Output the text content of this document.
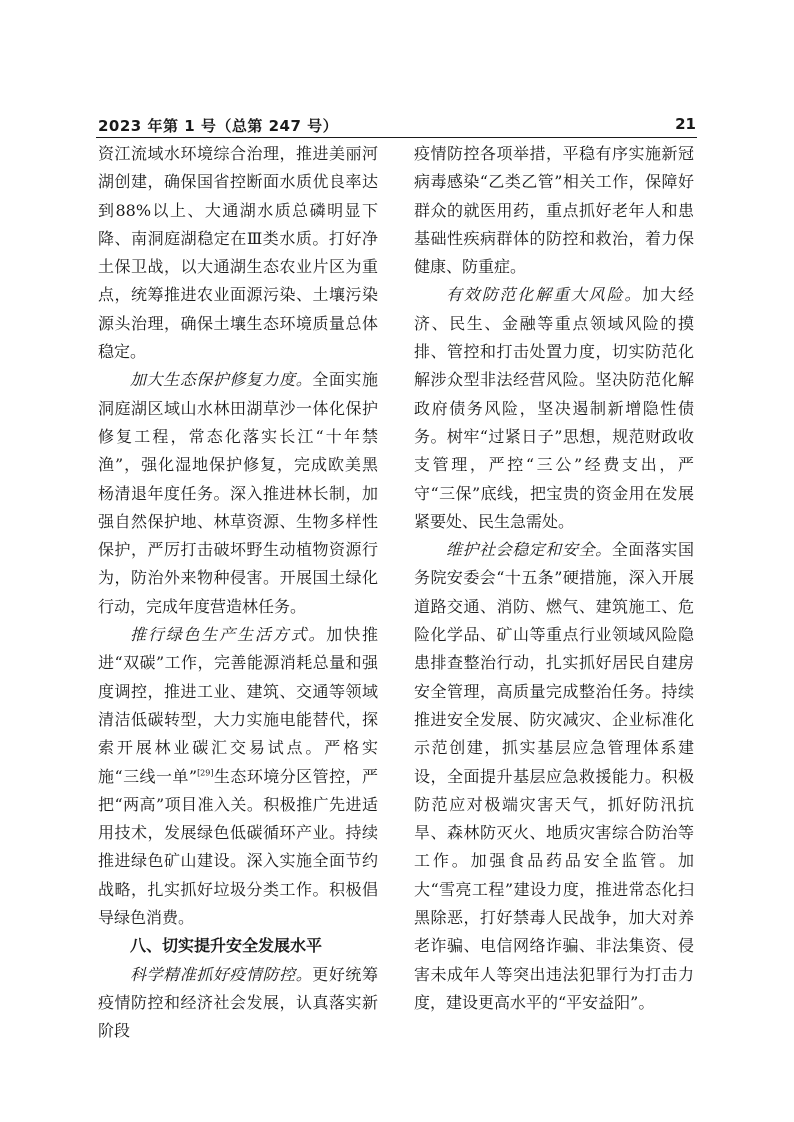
2023 年第 1 号（总第 247 号）	21

资江流域水环境综合治理，推进美丽河湖创建，确保国省控断面水质优良率达到88%以上、大通湖水质总磷明显下降、南洞庭湖稳定在Ⅲ类水质。打好净土保卫战，以大通湖生态农业片区为重点，统筹推进农业面源污染、土壤污染源头治理，确保土壤生态环境质量总体稳定。

加大生态保护修复力度。全面实施洞庭湖区域山水林田湖草沙一体化保护修复工程，常态化落实长江“十年禁渔”，强化湿地保护修复，完成欧美黑杨清退年度任务。深入推进林长制，加强自然保护地、林草资源、生物多样性保护，严厉打击破坏野生动植物资源行为，防治外来物种侵害。开展国土绿化行动，完成年度营造林任务。

推行绿色生产生活方式。加快推进“双碳”工作，完善能源消耗总量和强度调控，推进工业、建筑、交通等领域清洁低碳转型，大力实施电能替代，探索开展林业碳汇交易试点。严格实施“三线一单”[29]生态环境分区管控，严把“两高”项目准入关。积极推广先进适用技术，发展绿色低碳循环产业。持续推进绿色矿山建设。深入实施全面节约战略，扎实抓好垃圾分类工作。积极倡导绿色消费。

八、切实提升安全发展水平

科学精准抓好疫情防控。更好统筹疫情防控和经济社会发展，认真落实新阶段

疫情防控各项举措，平稳有序实施新冠病毒感染“乙类乙管”相关工作，保障好群众的就医用药，重点抓好老年人和患基础性疾病群体的防控和救治，着力保健康、防重症。

有效防范化解重大风险。加大经济、民生、金融等重点领域风险的摸排、管控和打击处置力度，切实防范化解涉众型非法经营风险。坚决防范化解政府债务风险，坚决遏制新增隐性债务。树牢“过紧日子”思想，规范财政收支管理，严控“三公”经费支出，严守“三保”底线，把宝贵的资金用在发展紧要处、民生急需处。

维护社会稳定和安全。全面落实国务院安委会“十五条”硬措施，深入开展道路交通、消防、燃气、建筑施工、危险化学品、矿山等重点行业领域风险隐患排查整治行动，扎实抓好居民自建房安全管理，高质量完成整治任务。持续推进安全发展、防灾减灾、企业标准化示范创建，抓实基层应急管理体系建设，全面提升基层应急救援能力。积极防范应对极端灾害天气，抓好防汛抗旱、森林防灭火、地质灾害综合防治等工作。加强食品药品安全监管。加大“雪亮工程”建设力度，推进常态化扫黑除恶，打好禁毒人民战争，加大对养老诈骗、电信网络诈骗、非法集资、侵害未成年人等突出违法犯罪行为打击力度，建设更高水平的“平安益阳”。
